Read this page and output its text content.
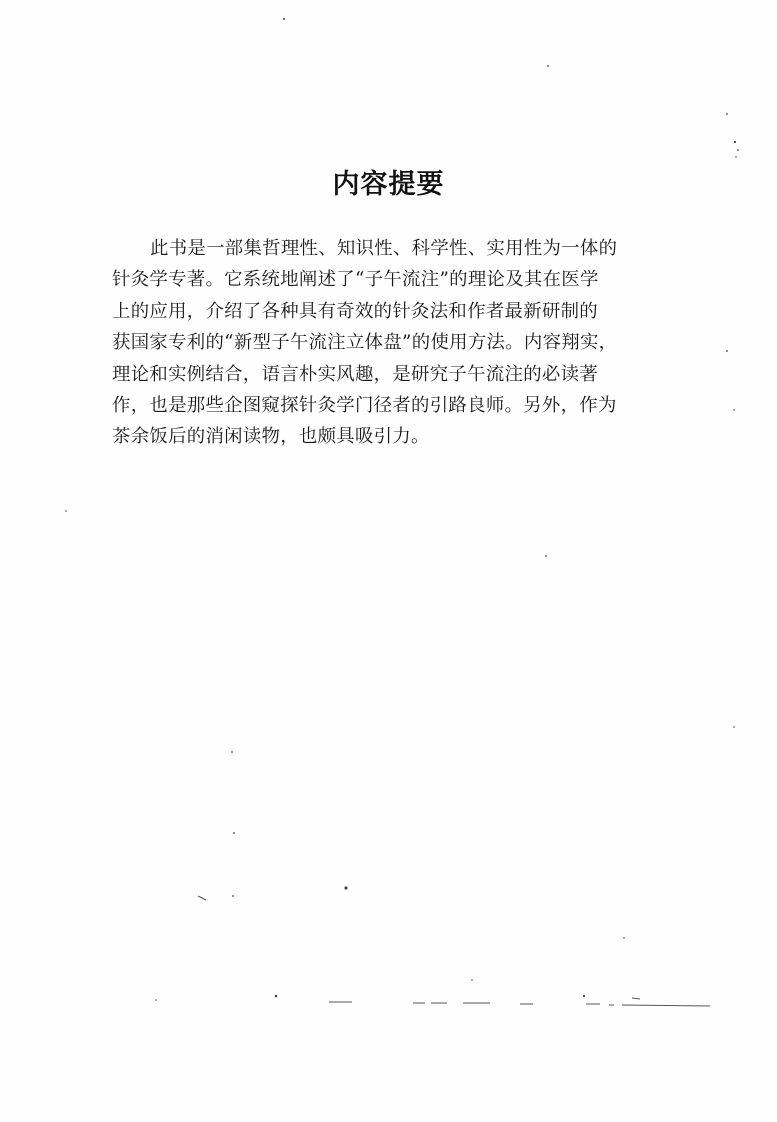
内容提要
此书是一部集哲理性、知识性、科学性、实用性为一体的
针灸学专著。它系统地阐述了“子午流注”的理论及其在医学
上的应用，介绍了各种具有奇效的针灸法和作者最新研制的
获国家专利的“新型子午流注立体盘”的使用方法。内容翔实，
理论和实例结合，语言朴实风趣，是研究子午流注的必读著
作，也是那些企图窥探针灸学门径者的引路良师。另外，作为
茶余饭后的消闲读物，也颇具吸引力。
